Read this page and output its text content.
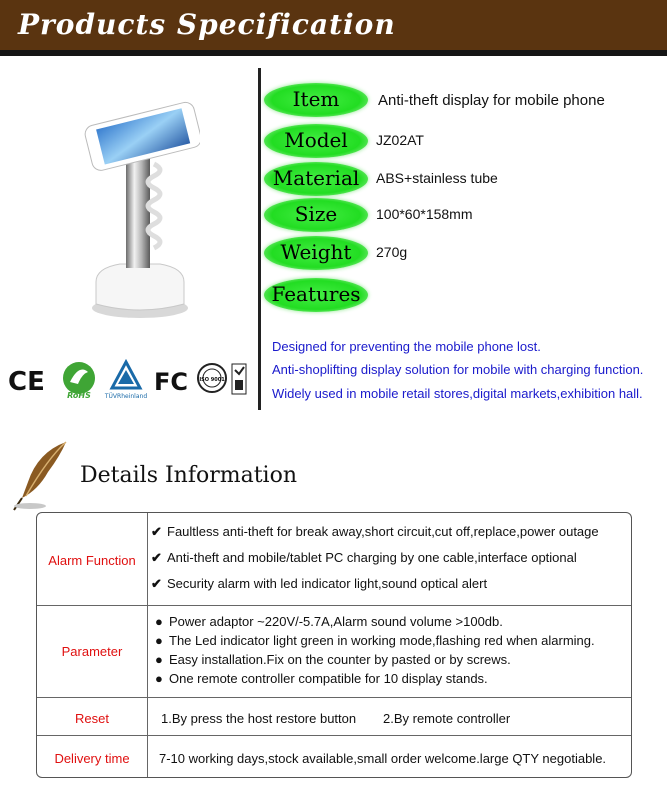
Products Specification
Item	Anti-theft display for mobile phone
Model	JZ02AT
Material	ABS+stainless tube
Size	100*60*158mm
Weight	270g
Features
Designed for preventing the mobile phone lost.
Anti-shoplifting display solution for mobile with charging function.
Widely used in mobile retail stores,digital markets,exhibition hall.
CE	RoHS TÜVRheinland
FC ISO 9001
Details Information
Alarm Function
✔ Faultless anti-theft for break away,short circuit,cut off,replace,power outage
✔ Anti-theft and mobile/tablet PC charging by one cable,interface optional
✔ Security alarm with led indicator light,sound optical alert
Parameter
● Power adaptor ~220V/-5.7A,Alarm sound volume >100db.
● The Led indicator light green in working mode,flashing red when alarming.
● Easy installation.Fix on the counter by pasted or by screws.
● One remote controller compatible for 10 display stands.
Reset	1.By press the host restore button 2.By remote controller
Delivery time	7-10 working days,stock available,small order welcome.large QTY negotiable.
